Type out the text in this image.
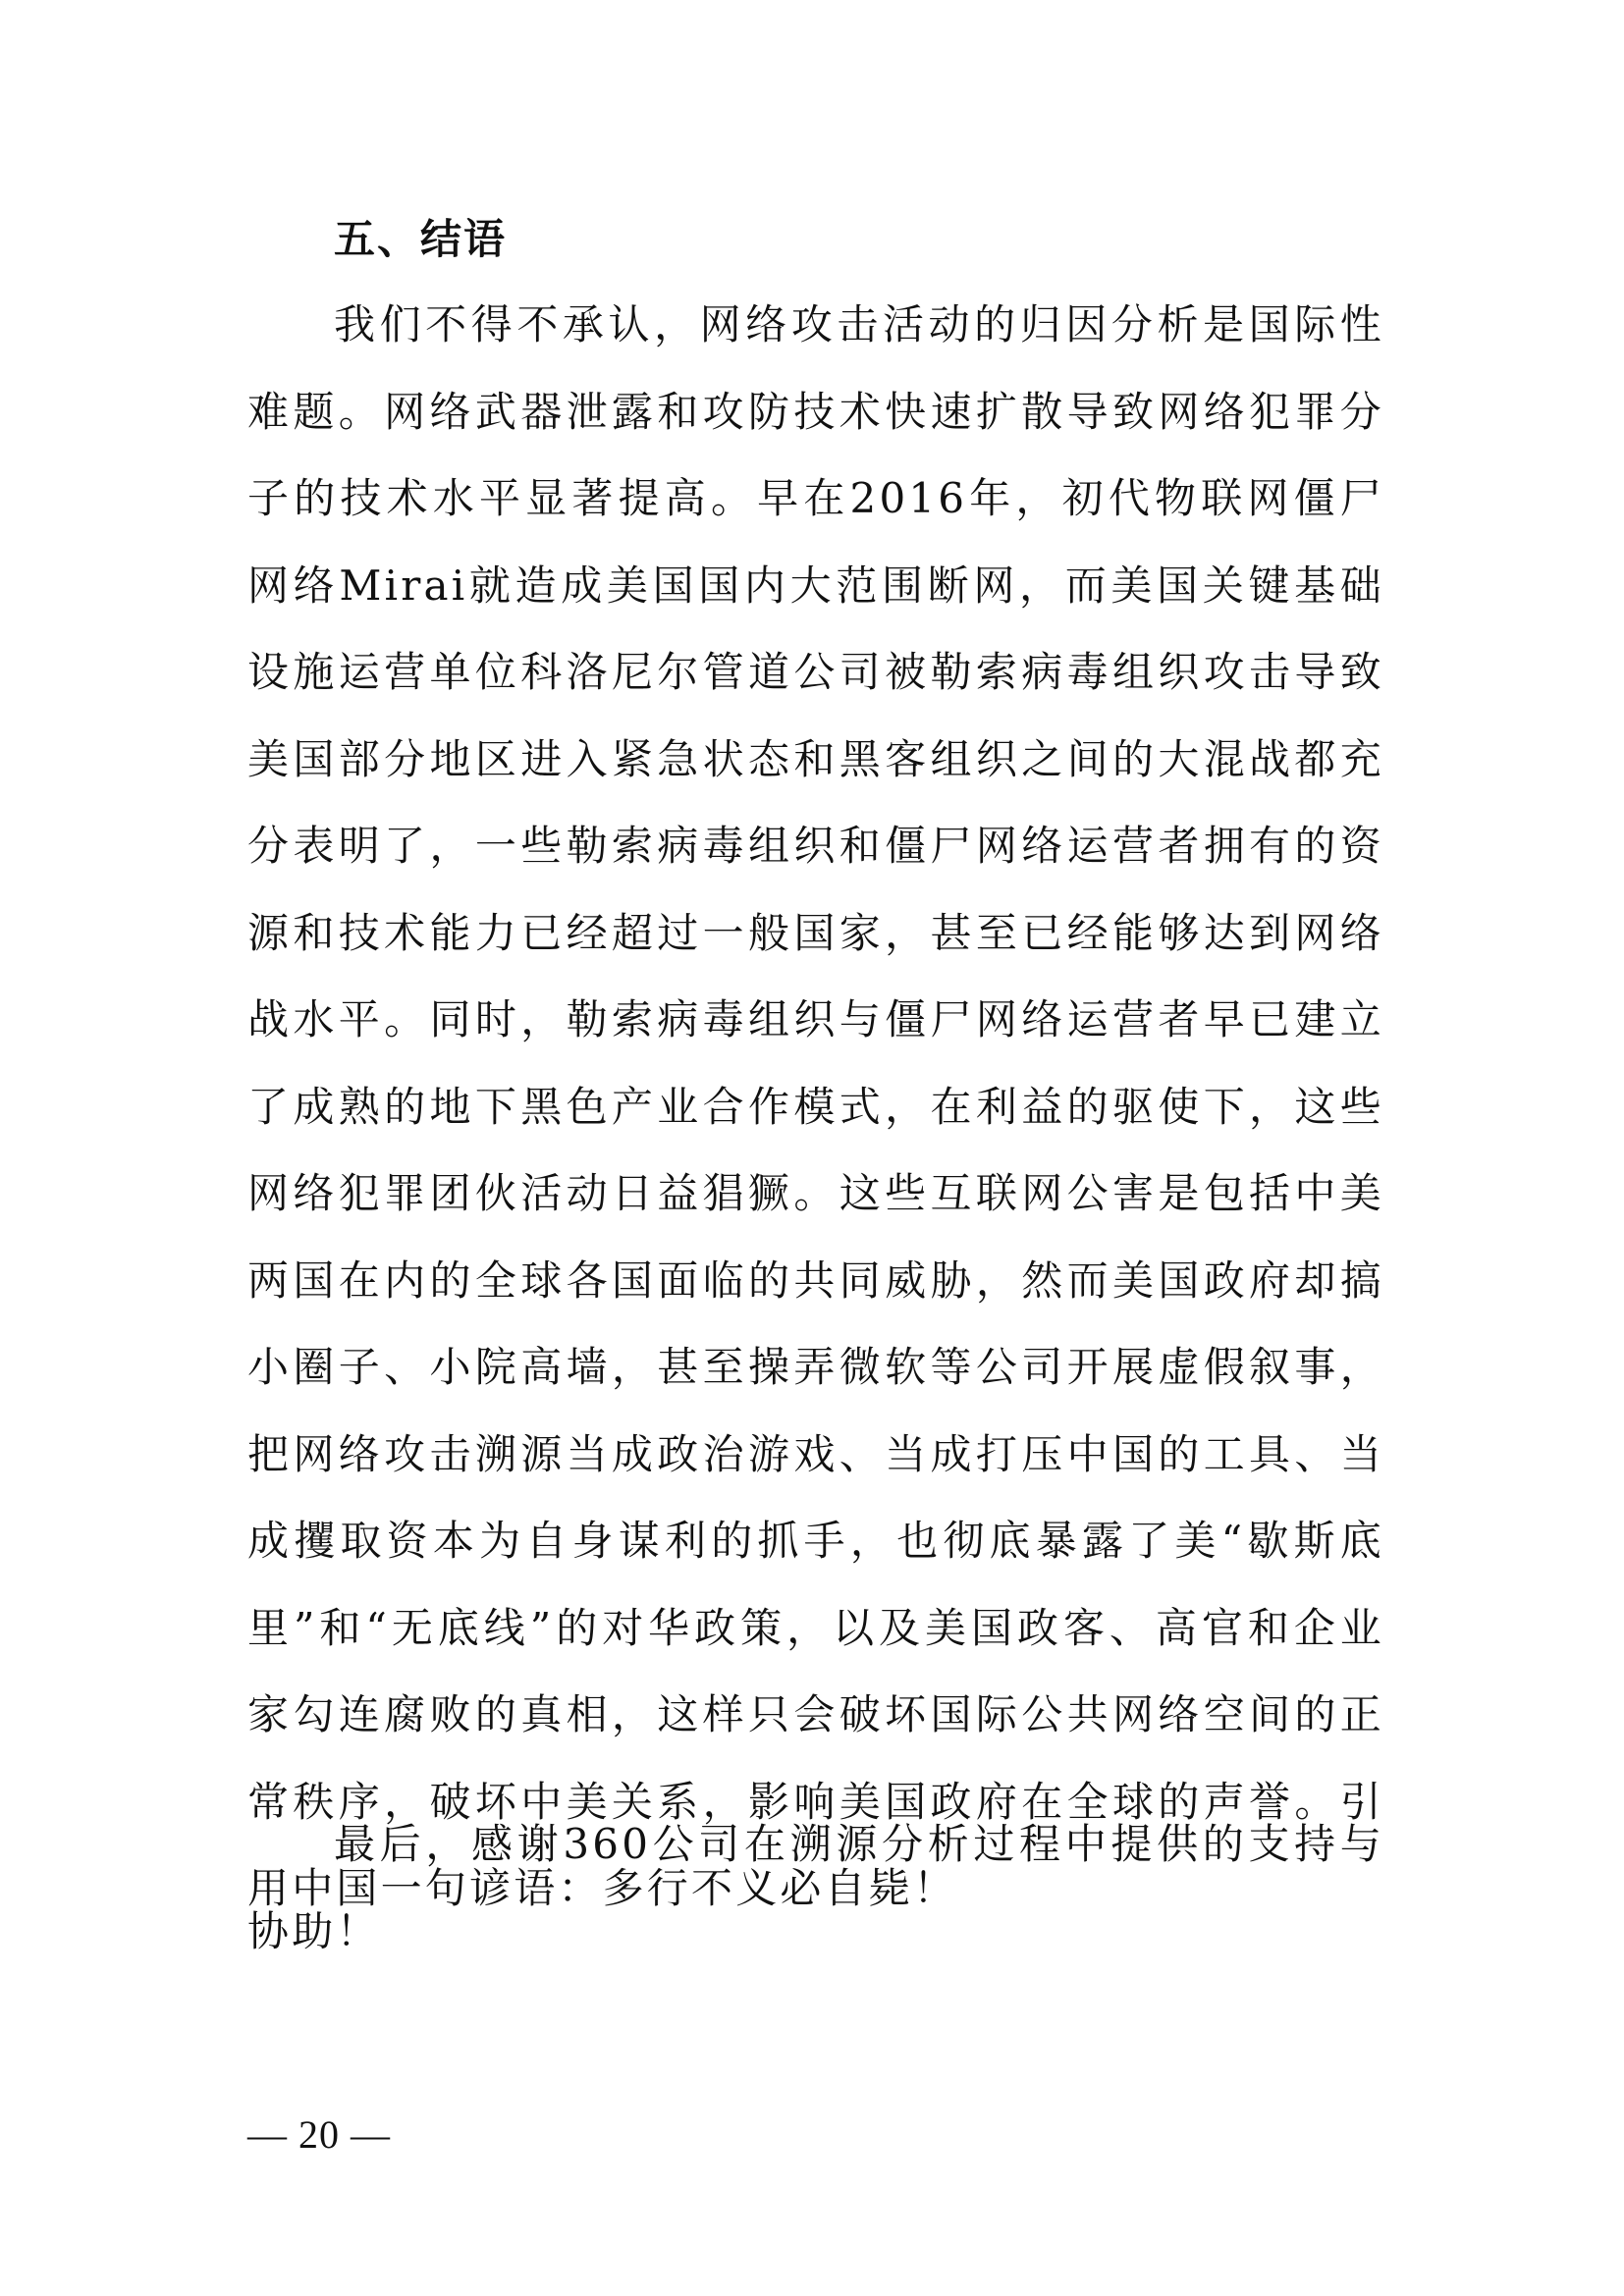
五、结语

我们不得不承认，网络攻击活动的归因分析是国际性难题。网络武器泄露和攻防技术快速扩散导致网络犯罪分子的技术水平显著提高。早在2016年，初代物联网僵尸网络Mirai就造成美国国内大范围断网，而美国关键基础设施运营单位科洛尼尔管道公司被勒索病毒组织攻击导致美国部分地区进入紧急状态和黑客组织之间的大混战都充分表明了，一些勒索病毒组织和僵尸网络运营者拥有的资源和技术能力已经超过一般国家，甚至已经能够达到网络战水平。同时，勒索病毒组织与僵尸网络运营者早已建立了成熟的地下黑色产业合作模式，在利益的驱使下，这些网络犯罪团伙活动日益猖獗。这些互联网公害是包括中美两国在内的全球各国面临的共同威胁，然而美国政府却搞小圈子、小院高墙，甚至操弄微软等公司开展虚假叙事，把网络攻击溯源当成政治游戏、当成打压中国的工具、当成攫取资本为自身谋利的抓手，也彻底暴露了美“歇斯底里”和“无底线”的对华政策，以及美国政客、高官和企业家勾连腐败的真相，这样只会破坏国际公共网络空间的正常秩序，破坏中美关系，影响美国政府在全球的声誉。引用中国一句谚语：多行不义必自毙！

最后，感谢360公司在溯源分析过程中提供的支持与协助！

— 20 —
